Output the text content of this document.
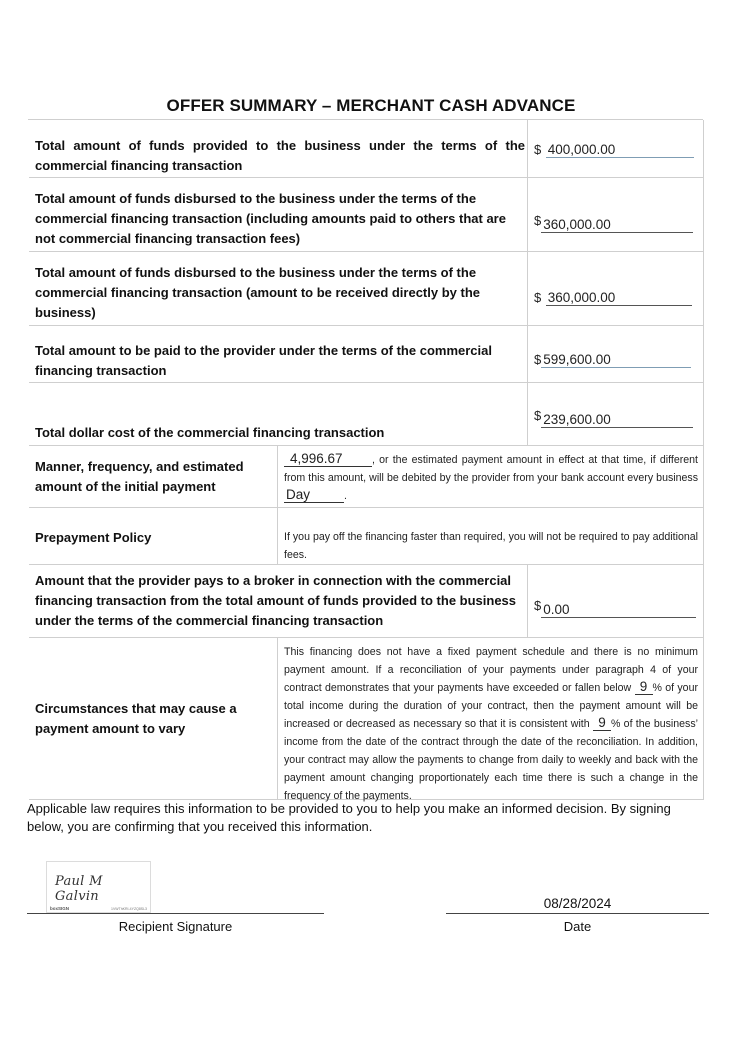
OFFER SUMMARY – MERCHANT CASH ADVANCE
Total amount of funds provided to the business under the terms of the commercial financing transaction
$ 400,000.00
Total amount of funds disbursed to the business under the terms of the commercial financing transaction (including amounts paid to others that are not commercial financing transaction fees)
$ 360,000.00
Total amount of funds disbursed to the business under the terms of the commercial financing transaction (amount to be received directly by the business)
$ 360,000.00
Total amount to be paid to the provider under the terms of the commercial financing transaction
$ 599,600.00
Total dollar cost of the commercial financing transaction
$ 239,600.00
Manner, frequency, and estimated amount of the initial payment
4,996.67	, or the estimated payment amount in effect at that time, if different from this amount, will be debited by the provider from your bank account every business Day	.
Prepayment Policy	If you pay off the financing faster than required, you will not be required to pay additional fees.
Amount that the provider pays to a broker in connection with the commercial financing transaction from the total amount of funds provided to the business under the terms of the commercial financing transaction
$ 0.00
Circumstances that may cause a payment amount to vary
This financing does not have a fixed payment schedule and there is no minimum payment amount. If a reconciliation of your payments under paragraph 4 of your contract demonstrates that your payments have exceeded or fallen below 9 % of your total income during the duration of your contract, then the payment amount will be increased or decreased as necessary so that it is consistent with 9 % of the business’ income from the date of the contract through the date of the reconciliation. In addition, your contract may allow the payments to change from daily to weekly and back with the payment amount changing proportionately each time there is such a change in the frequency of the payments.
Applicable law requires this information to be provided to you to help you make an informed decision. By signing below, you are confirming that you received this information.
Paul M Galvin
boxSIGN	1VWThKRI-4YZQ8SL3
Recipient Signature
08/28/2024
Date
